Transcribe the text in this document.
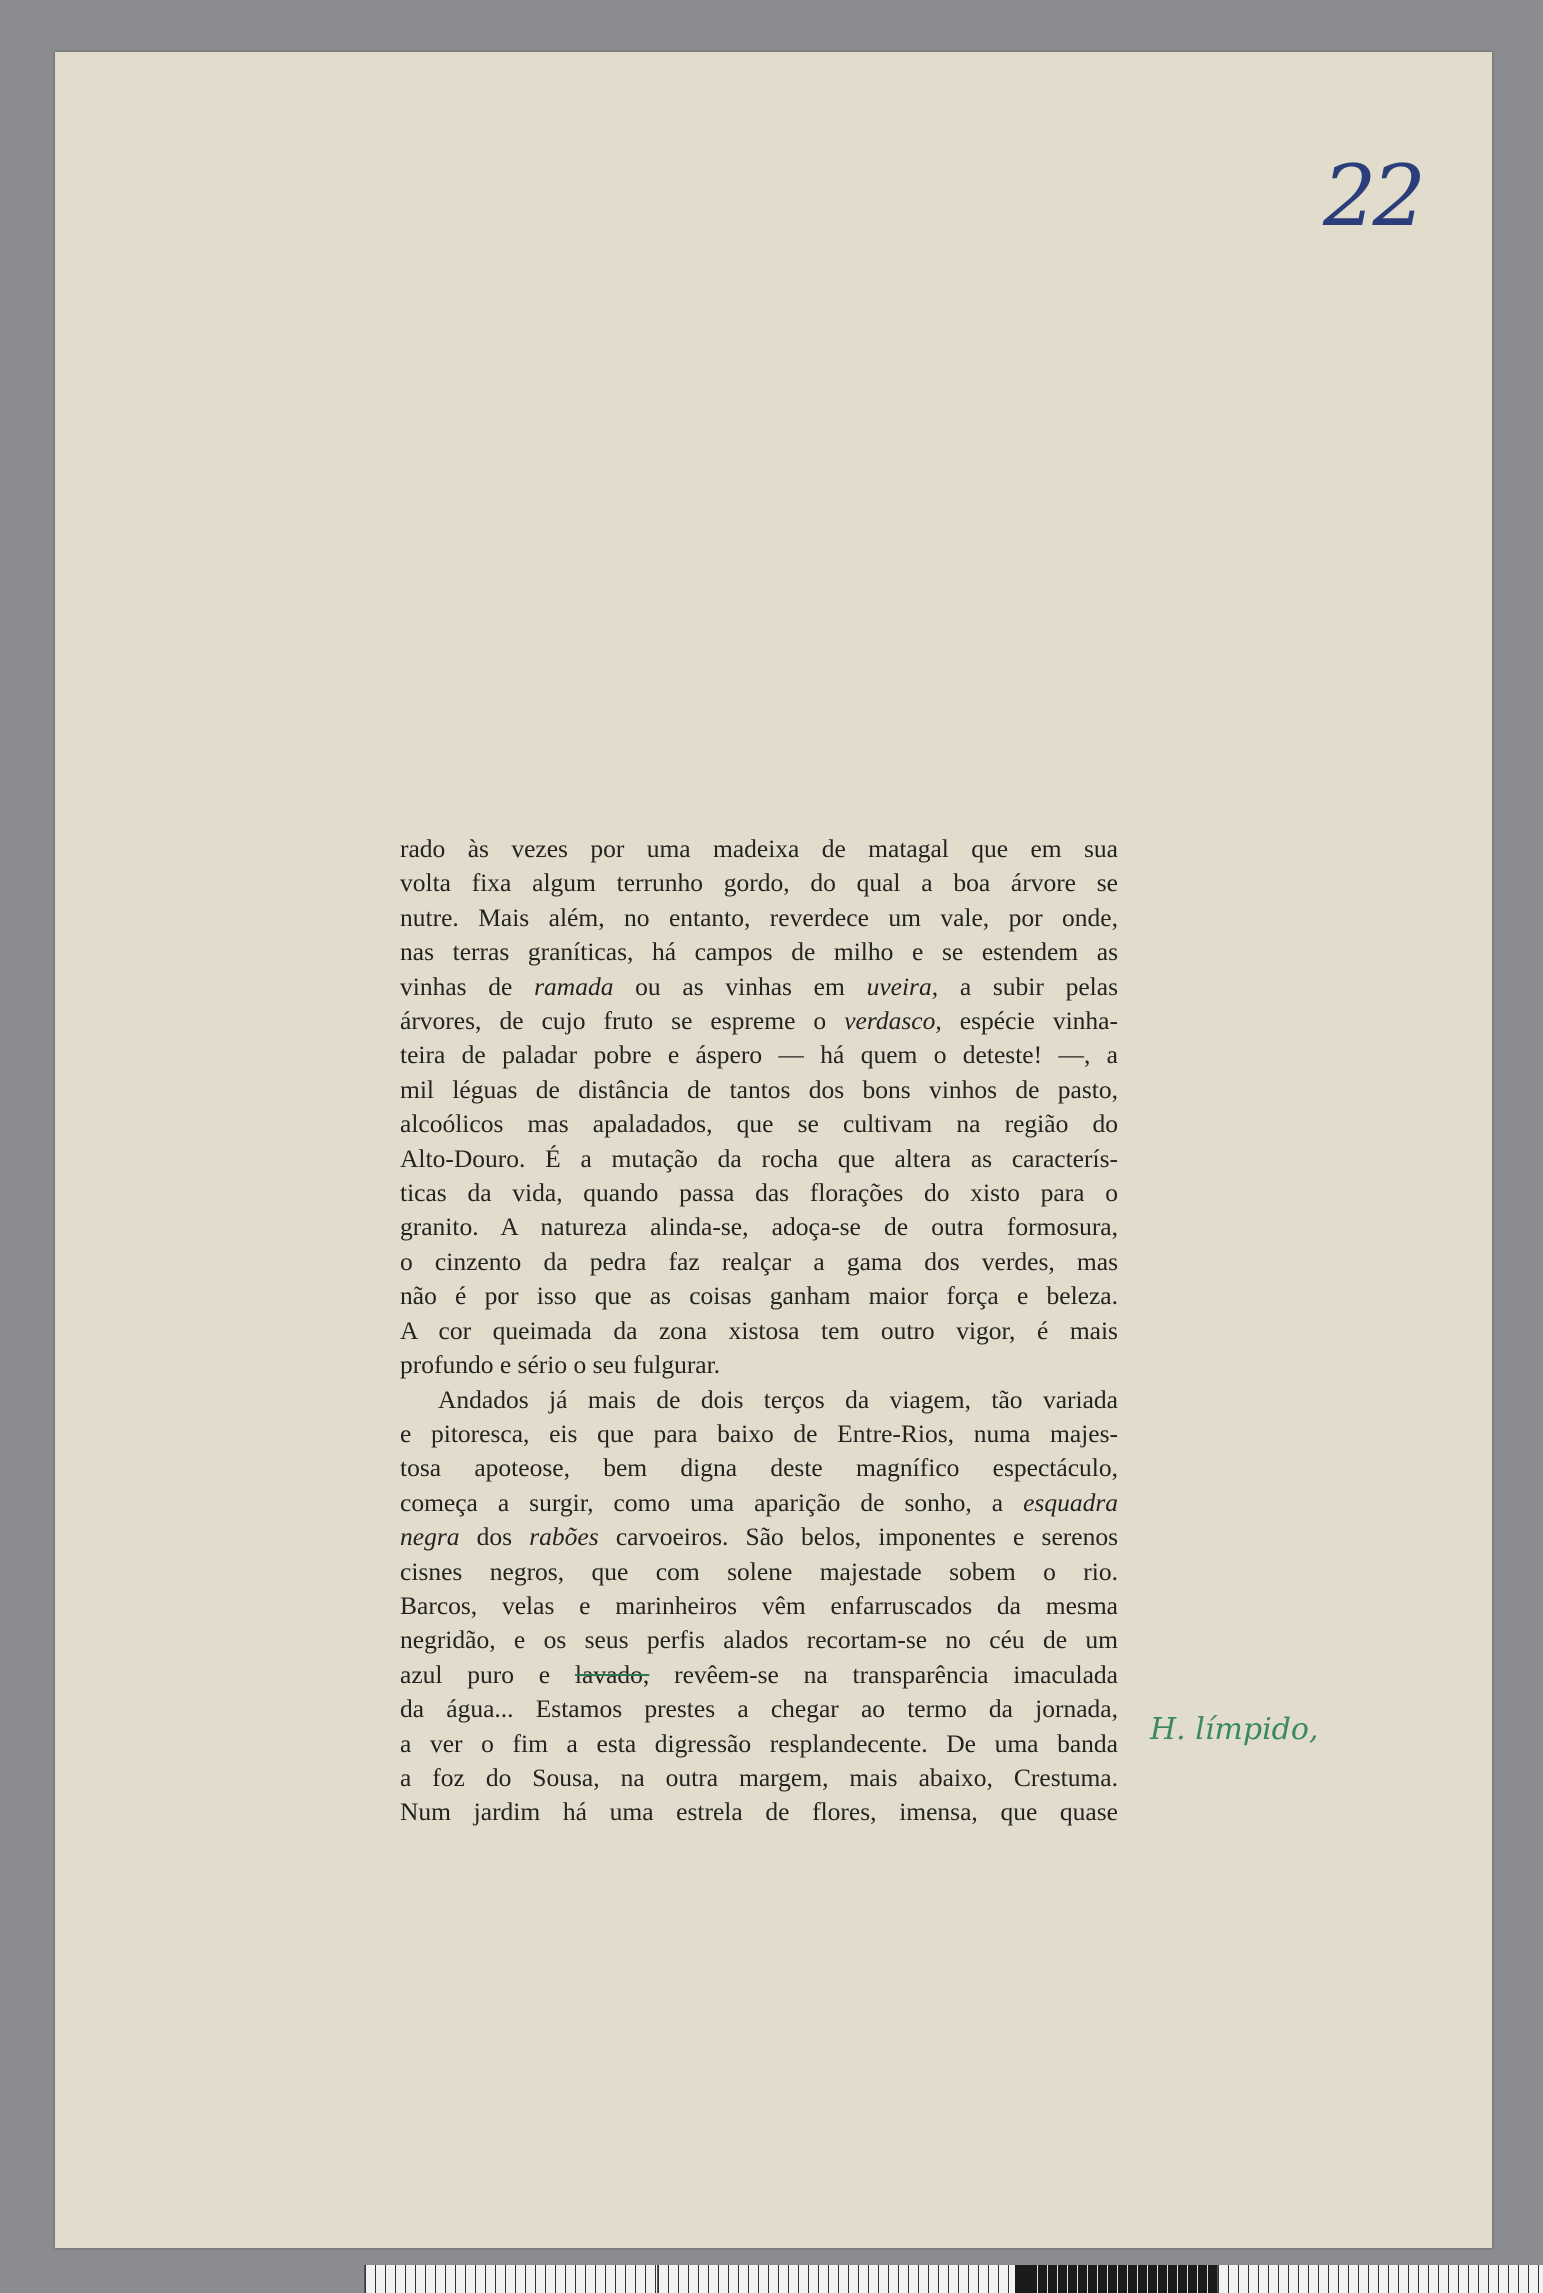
22
rado às vezes por uma madeixa de matagal que em sua
volta fixa algum terrunho gordo, do qual a boa árvore se
nutre. Mais além, no entanto, reverdece um vale, por onde,
nas terras graníticas, há campos de milho e se estendem as
vinhas de ramada ou as vinhas em uveira, a subir pelas
árvores, de cujo fruto se espreme o verdasco, espécie vinha-
teira de paladar pobre e áspero — há quem o deteste! —, a
mil léguas de distância de tantos dos bons vinhos de pasto,
alcoólicos mas apaladados, que se cultivam na região do
Alto-Douro. É a mutação da rocha que altera as caracterís-
ticas da vida, quando passa das florações do xisto para o
granito. A natureza alinda-se, adoça-se de outra formosura,
o cinzento da pedra faz realçar a gama dos verdes, mas
não é por isso que as coisas ganham maior força e beleza.
A cor queimada da zona xistosa tem outro vigor, é mais
profundo e sério o seu fulgurar.
Andados já mais de dois terços da viagem, tão variada
e pitoresca, eis que para baixo de Entre-Rios, numa majes-
tosa apoteose, bem digna deste magnífico espectáculo,
começa a surgir, como uma aparição de sonho, a esquadra
negra dos rabões carvoeiros. São belos, imponentes e serenos
cisnes negros, que com solene majestade sobem o rio.
Barcos, velas e marinheiros vêm enfarruscados da mesma
negridão, e os seus perfis alados recortam-se no céu de um
azul puro e lavado, revêem-se na transparência imaculada
da água... Estamos prestes a chegar ao termo da jornada,
a ver o fim a esta digressão resplandecente. De uma banda
a foz do Sousa, na outra margem, mais abaixo, Crestuma.
Num jardim há uma estrela de flores, imensa, que quase
H. límpido,
